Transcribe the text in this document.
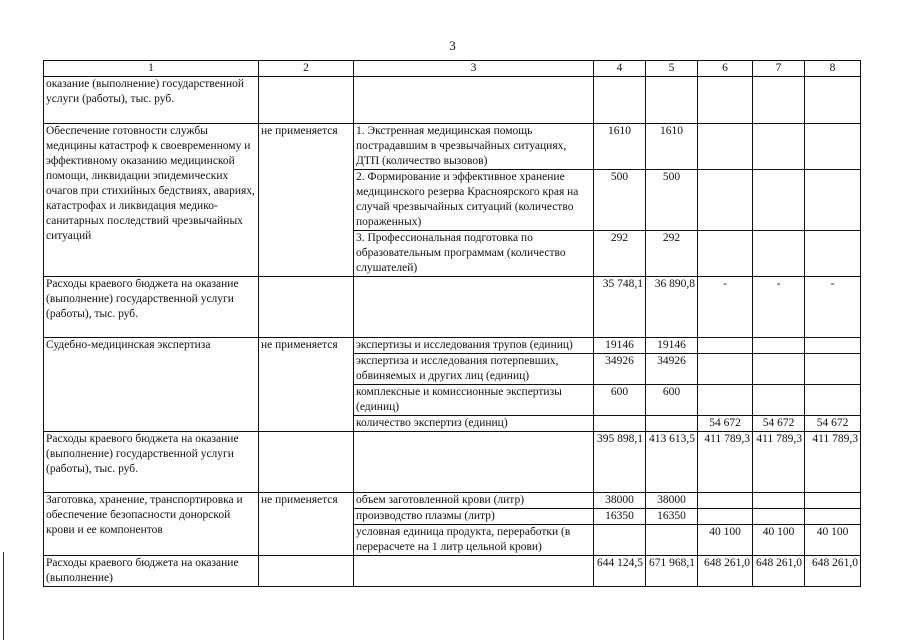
3
1	2	3	4	5	6	7	8
оказание (выполнение) государственной услуги (работы), тыс. руб.							
Обеспечение готовности службы медицины катастроф к своевременному и эффективному оказанию медицинской помощи, ликвидации эпидемических очагов при стихийных бедствиях, авариях, катастрофах и ликвидация медико-санитарных последствий чрезвычайных ситуаций	не применяется	1. Экстренная медицинская помощь пострадавшим в чрезвычайных ситуациях, ДТП (количество вызовов)	1610	1610			
		2. Формирование и эффективное хранение медицинского резерва Красноярского края на случай чрезвычайных ситуаций (количество пораженных)	500	500			
		3. Профессиональная подготовка по образовательным программам (количество слушателей)	292	292			
Расходы краевого бюджета на оказание (выполнение) государственной услуги (работы), тыс. руб.			35 748,1	36 890,8	-	-	-
Судебно-медицинская экспертиза	не применяется	экспертизы и исследования трупов (единиц)	19146	19146			
		экспертиза и исследования потерпевших, обвиняемых и других лиц (единиц)	34926	34926			
		комплексные и комиссионные экспертизы (единиц)	600	600			
		количество экспертиз (единиц)			54 672	54 672	54 672
Расходы краевого бюджета на оказание (выполнение) государственной услуги (работы), тыс. руб.			395 898,1	413 613,5	411 789,3	411 789,3	411 789,3
Заготовка, хранение, транспортировка и обеспечение безопасности донорской крови и ее компонентов	не применяется	объем заготовленной крови (литр)	38000	38000			
		производство плазмы (литр)	16350	16350			
		условная единица продукта, переработки (в перерасчете на 1 литр цельной крови)			40 100	40 100	40 100
Расходы краевого бюджета на оказание (выполнение)			644 124,5	671 968,1	648 261,0	648 261,0	648 261,0
